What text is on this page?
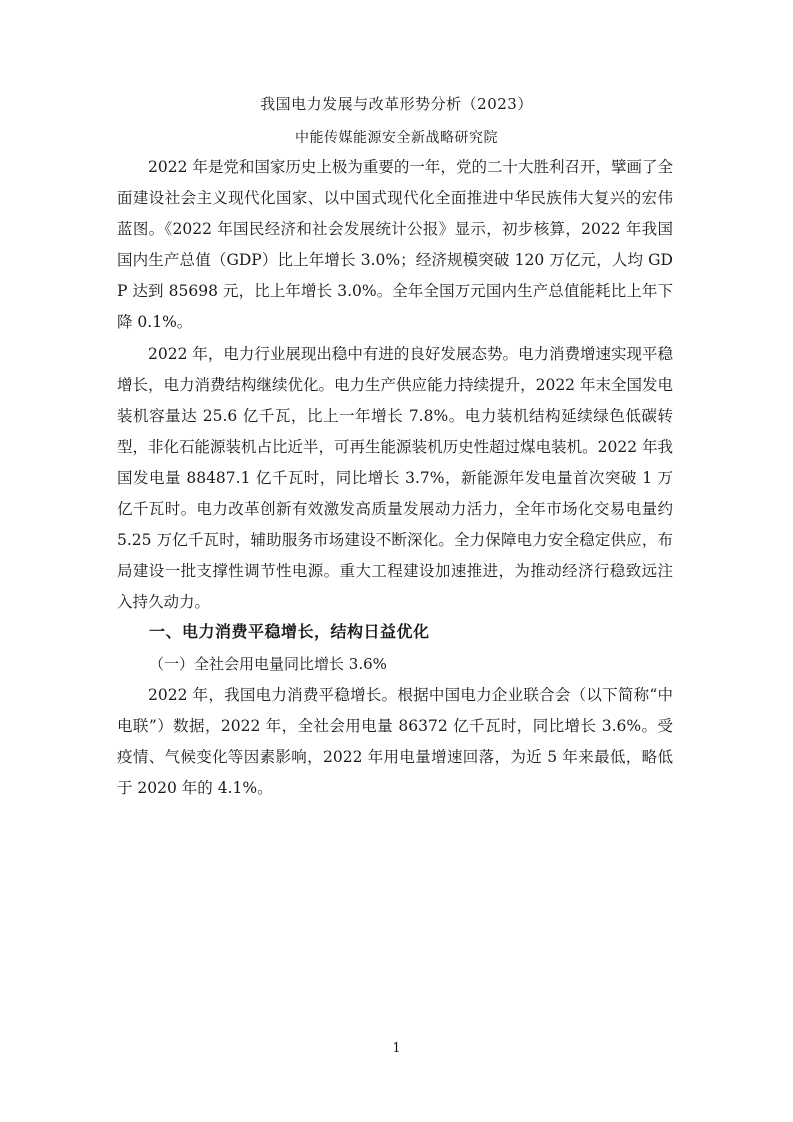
我国电力发展与改革形势分析（2023）
中能传媒能源安全新战略研究院

2022 年是党和国家历史上极为重要的一年，党的二十大胜利召开，擘画了全面建设社会主义现代化国家、以中国式现代化全面推进中华民族伟大复兴的宏伟蓝图。《2022 年国民经济和社会发展统计公报》显示，初步核算，2022 年我国国内生产总值（GDP）比上年增长 3.0%；经济规模突破 120 万亿元，人均 GDP 达到 85698 元，比上年增长 3.0%。全年全国万元国内生产总值能耗比上年下降 0.1%。

2022 年，电力行业展现出稳中有进的良好发展态势。电力消费增速实现平稳增长，电力消费结构继续优化。电力生产供应能力持续提升，2022 年末全国发电装机容量达 25.6 亿千瓦，比上一年增长 7.8%。电力装机结构延续绿色低碳转型，非化石能源装机占比近半，可再生能源装机历史性超过煤电装机。2022 年我国发电量 88487.1 亿千瓦时，同比增长 3.7%，新能源年发电量首次突破 1 万亿千瓦时。电力改革创新有效激发高质量发展动力活力，全年市场化交易电量约 5.25 万亿千瓦时，辅助服务市场建设不断深化。全力保障电力安全稳定供应，布局建设一批支撑性调节性电源。重大工程建设加速推进，为推动经济行稳致远注入持久动力。

一、电力消费平稳增长，结构日益优化
（一）全社会用电量同比增长 3.6%

2022 年，我国电力消费平稳增长。根据中国电力企业联合会（以下简称“中电联”）数据，2022 年，全社会用电量 86372 亿千瓦时，同比增长 3.6%。受疫情、气候变化等因素影响，2022 年用电量增速回落，为近 5 年来最低，略低于 2020 年的 4.1%。

1
